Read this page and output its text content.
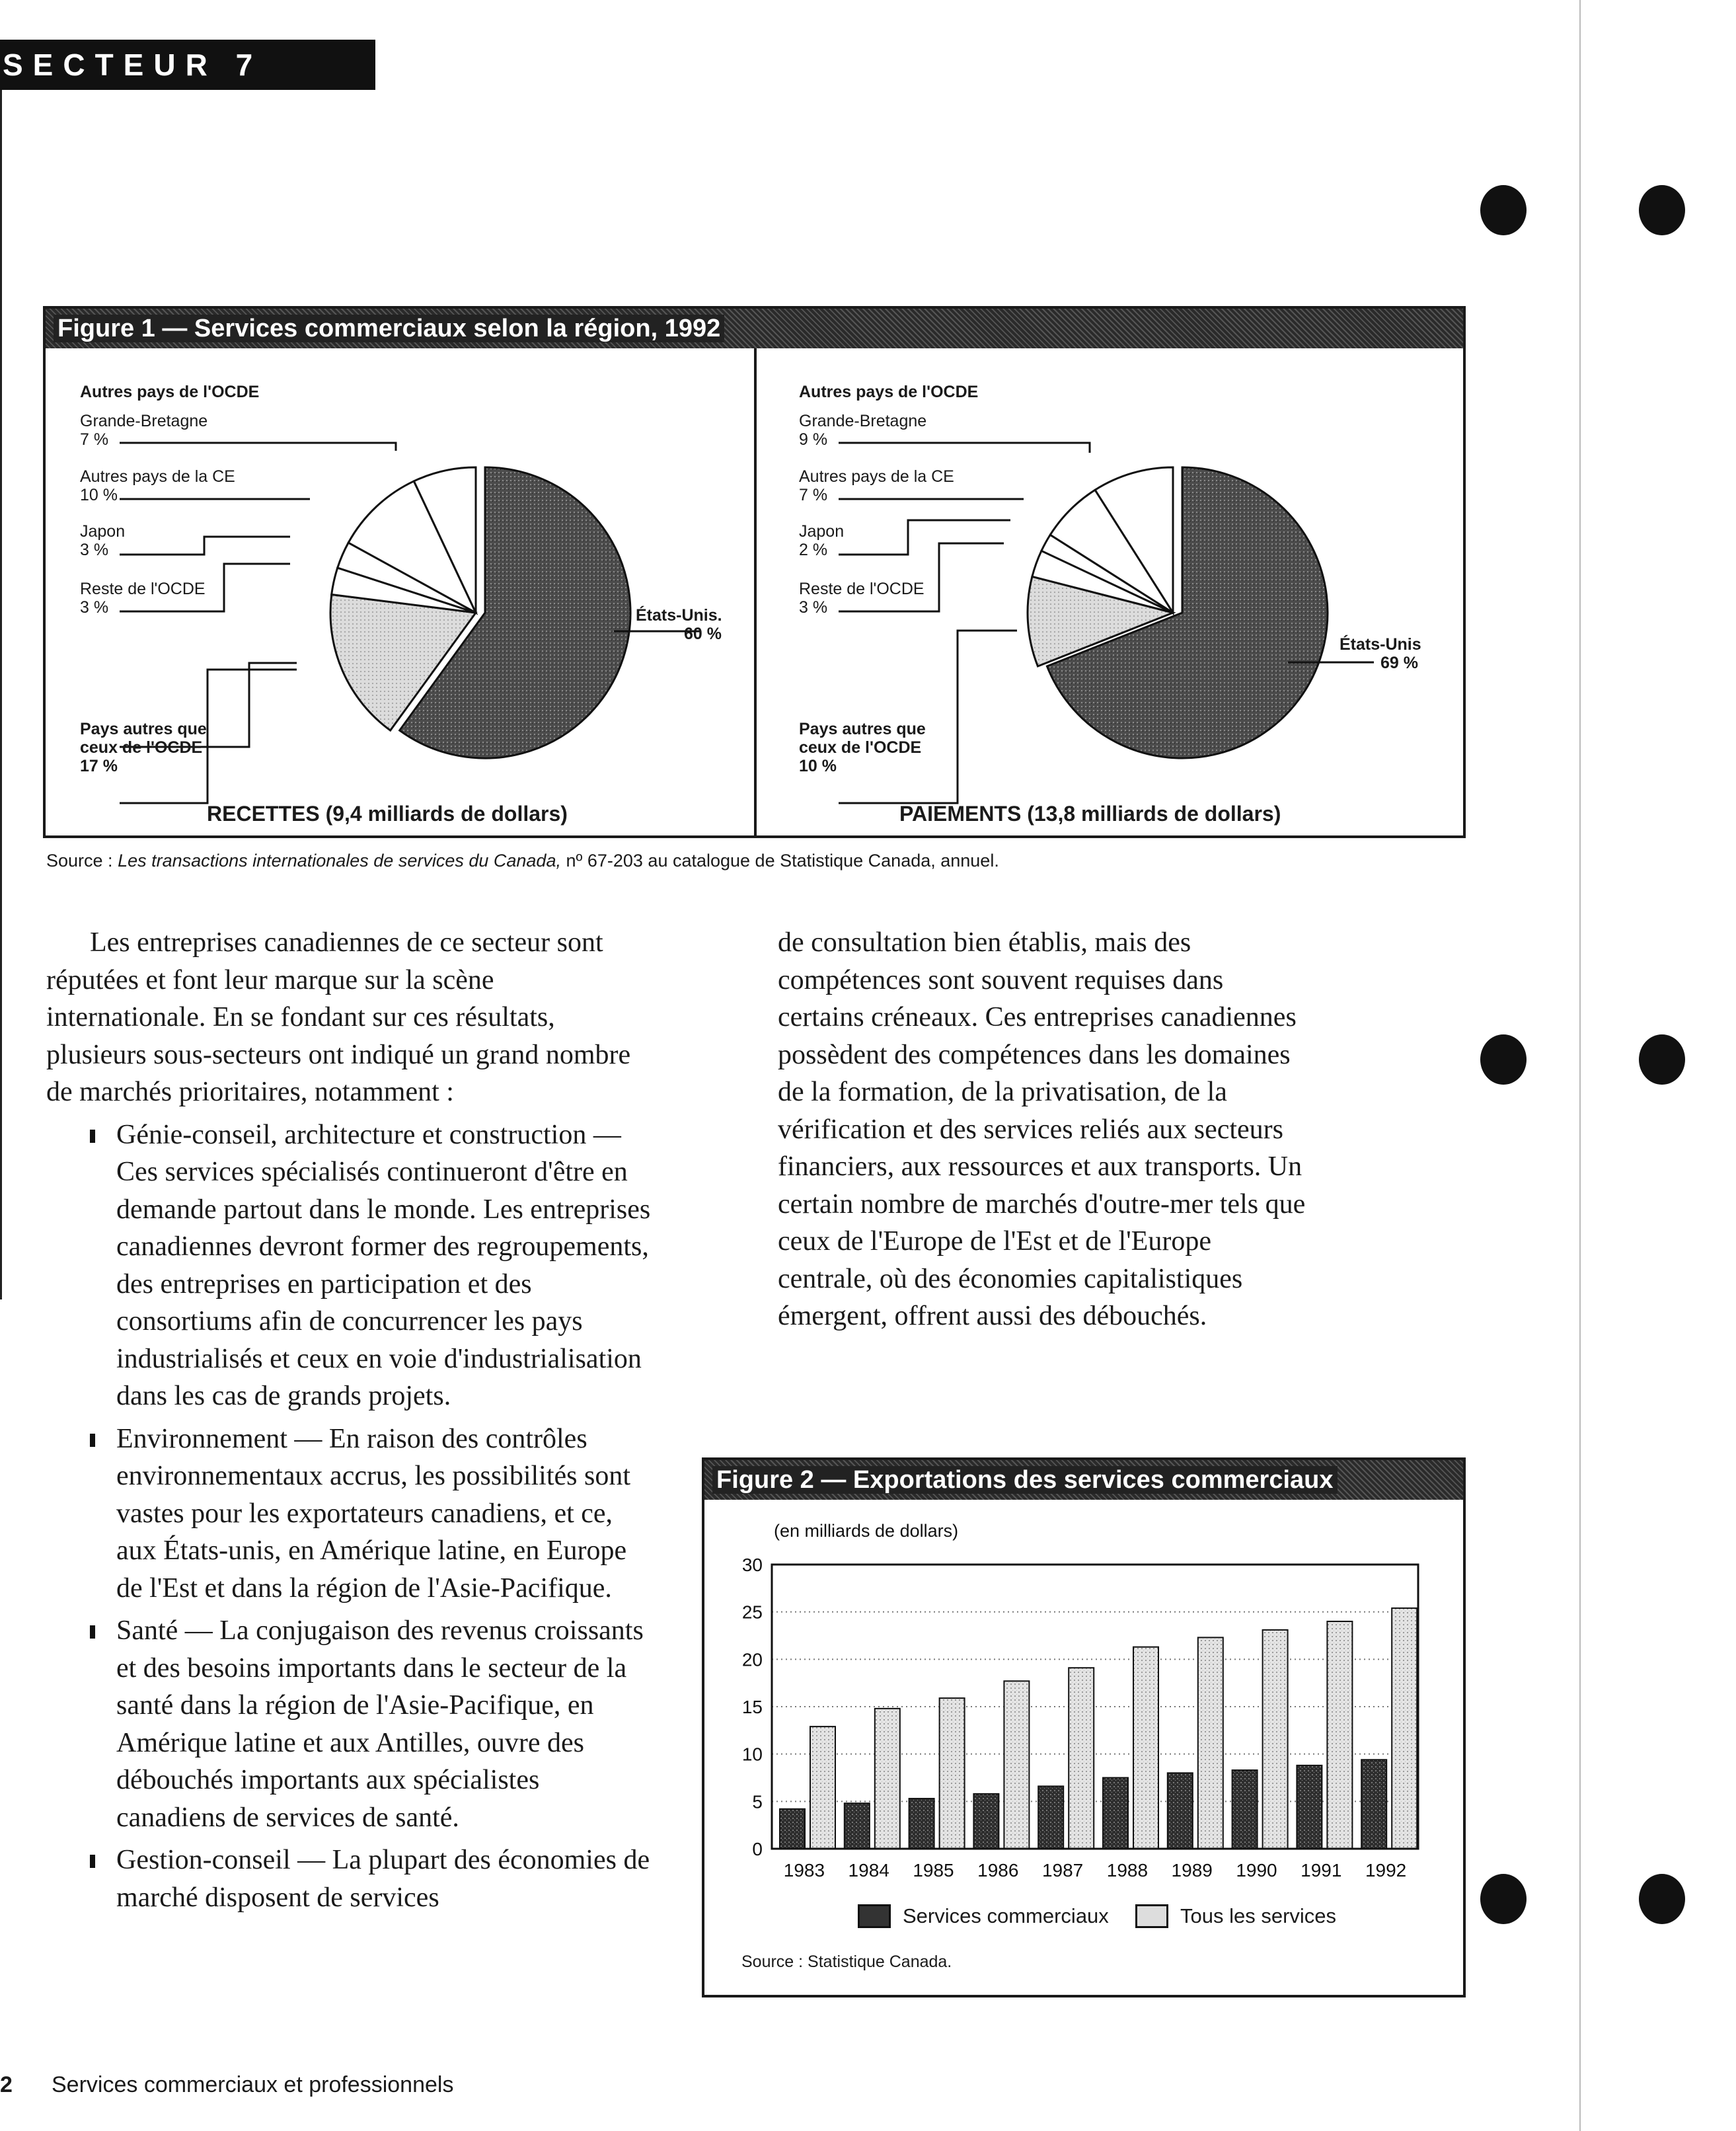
SECTEUR 7
Figure 1 — Services commerciaux selon la région, 1992
Autres pays de l'OCDE
Grande-Bretagne
7 %
Autres pays de la CE
10 %
Japon
3 %
Reste de l'OCDE
3 %	États-Unis.
60 %
Pays autres que
ceux de l'OCDE
17 %
RECETTES (9,4 milliards de dollars)
Autres pays de l'OCDE
Grande-Bretagne
9 %
Autres pays de la CE
7 %
Japon
2 %
Reste de l'OCDE
3 %
États-Unis
69 %
Pays autres que
ceux de l'OCDE
10 %
PAIEMENTS (13,8 milliards de dollars)
Source : Les transactions internationales de services du Canada, nº 67-203 au catalogue de Statistique Canada, annuel.

Les entreprises canadiennes de ce secteur sont réputées et font leur marque sur la scène internationale. En se fondant sur ces résultats, plusieurs sous-secteurs ont indiqué un grand nombre de marchés prioritaires, notamment :

Génie-conseil, architecture et construction — Ces services spécialisés continueront d'être en demande partout dans le monde. Les entreprises canadiennes devront former des regroupements, des entreprises en participation et des consortiums afin de concurrencer les pays industrialisés et ceux en voie d'industrialisation dans les cas de grands projets.
Environnement — En raison des contrôles environnementaux accrus, les possibilités sont vastes pour les exportateurs canadiens, et ce, aux États-unis, en Amérique latine, en Europe de l'Est et dans la région de l'Asie-Pacifique.
Santé — La conjugaison des revenus croissants et des besoins importants dans le secteur de la santé dans la région de l'Asie-Pacifique, en Amérique latine et aux Antilles, ouvre des débouchés importants aux spécialistes canadiens de services de santé.
Gestion-conseil — La plupart des économies de marché disposent de services

de consultation bien établis, mais des compétences sont souvent requises dans certains créneaux. Ces entreprises canadiennes possèdent des compétences dans les domaines de la formation, de la privatisation, de la vérification et des services reliés aux secteurs financiers, aux ressources et aux transports. Un certain nombre de marchés d'outre-mer tels que ceux de l'Europe de l'Est et de l'Europe centrale, où des économies capitalistiques émergent, offrent aussi des débouchés.

Figure 2 — Exportations des services commerciaux
(en milliards de dollars)
0
5
10
15
20
25
30
1983 1984 1985 1986 1987 1988 1989 1990 1991 1992
Services commerciaux	Tous les services
Source : Statistique Canada.
2 Services commerciaux et professionnels
